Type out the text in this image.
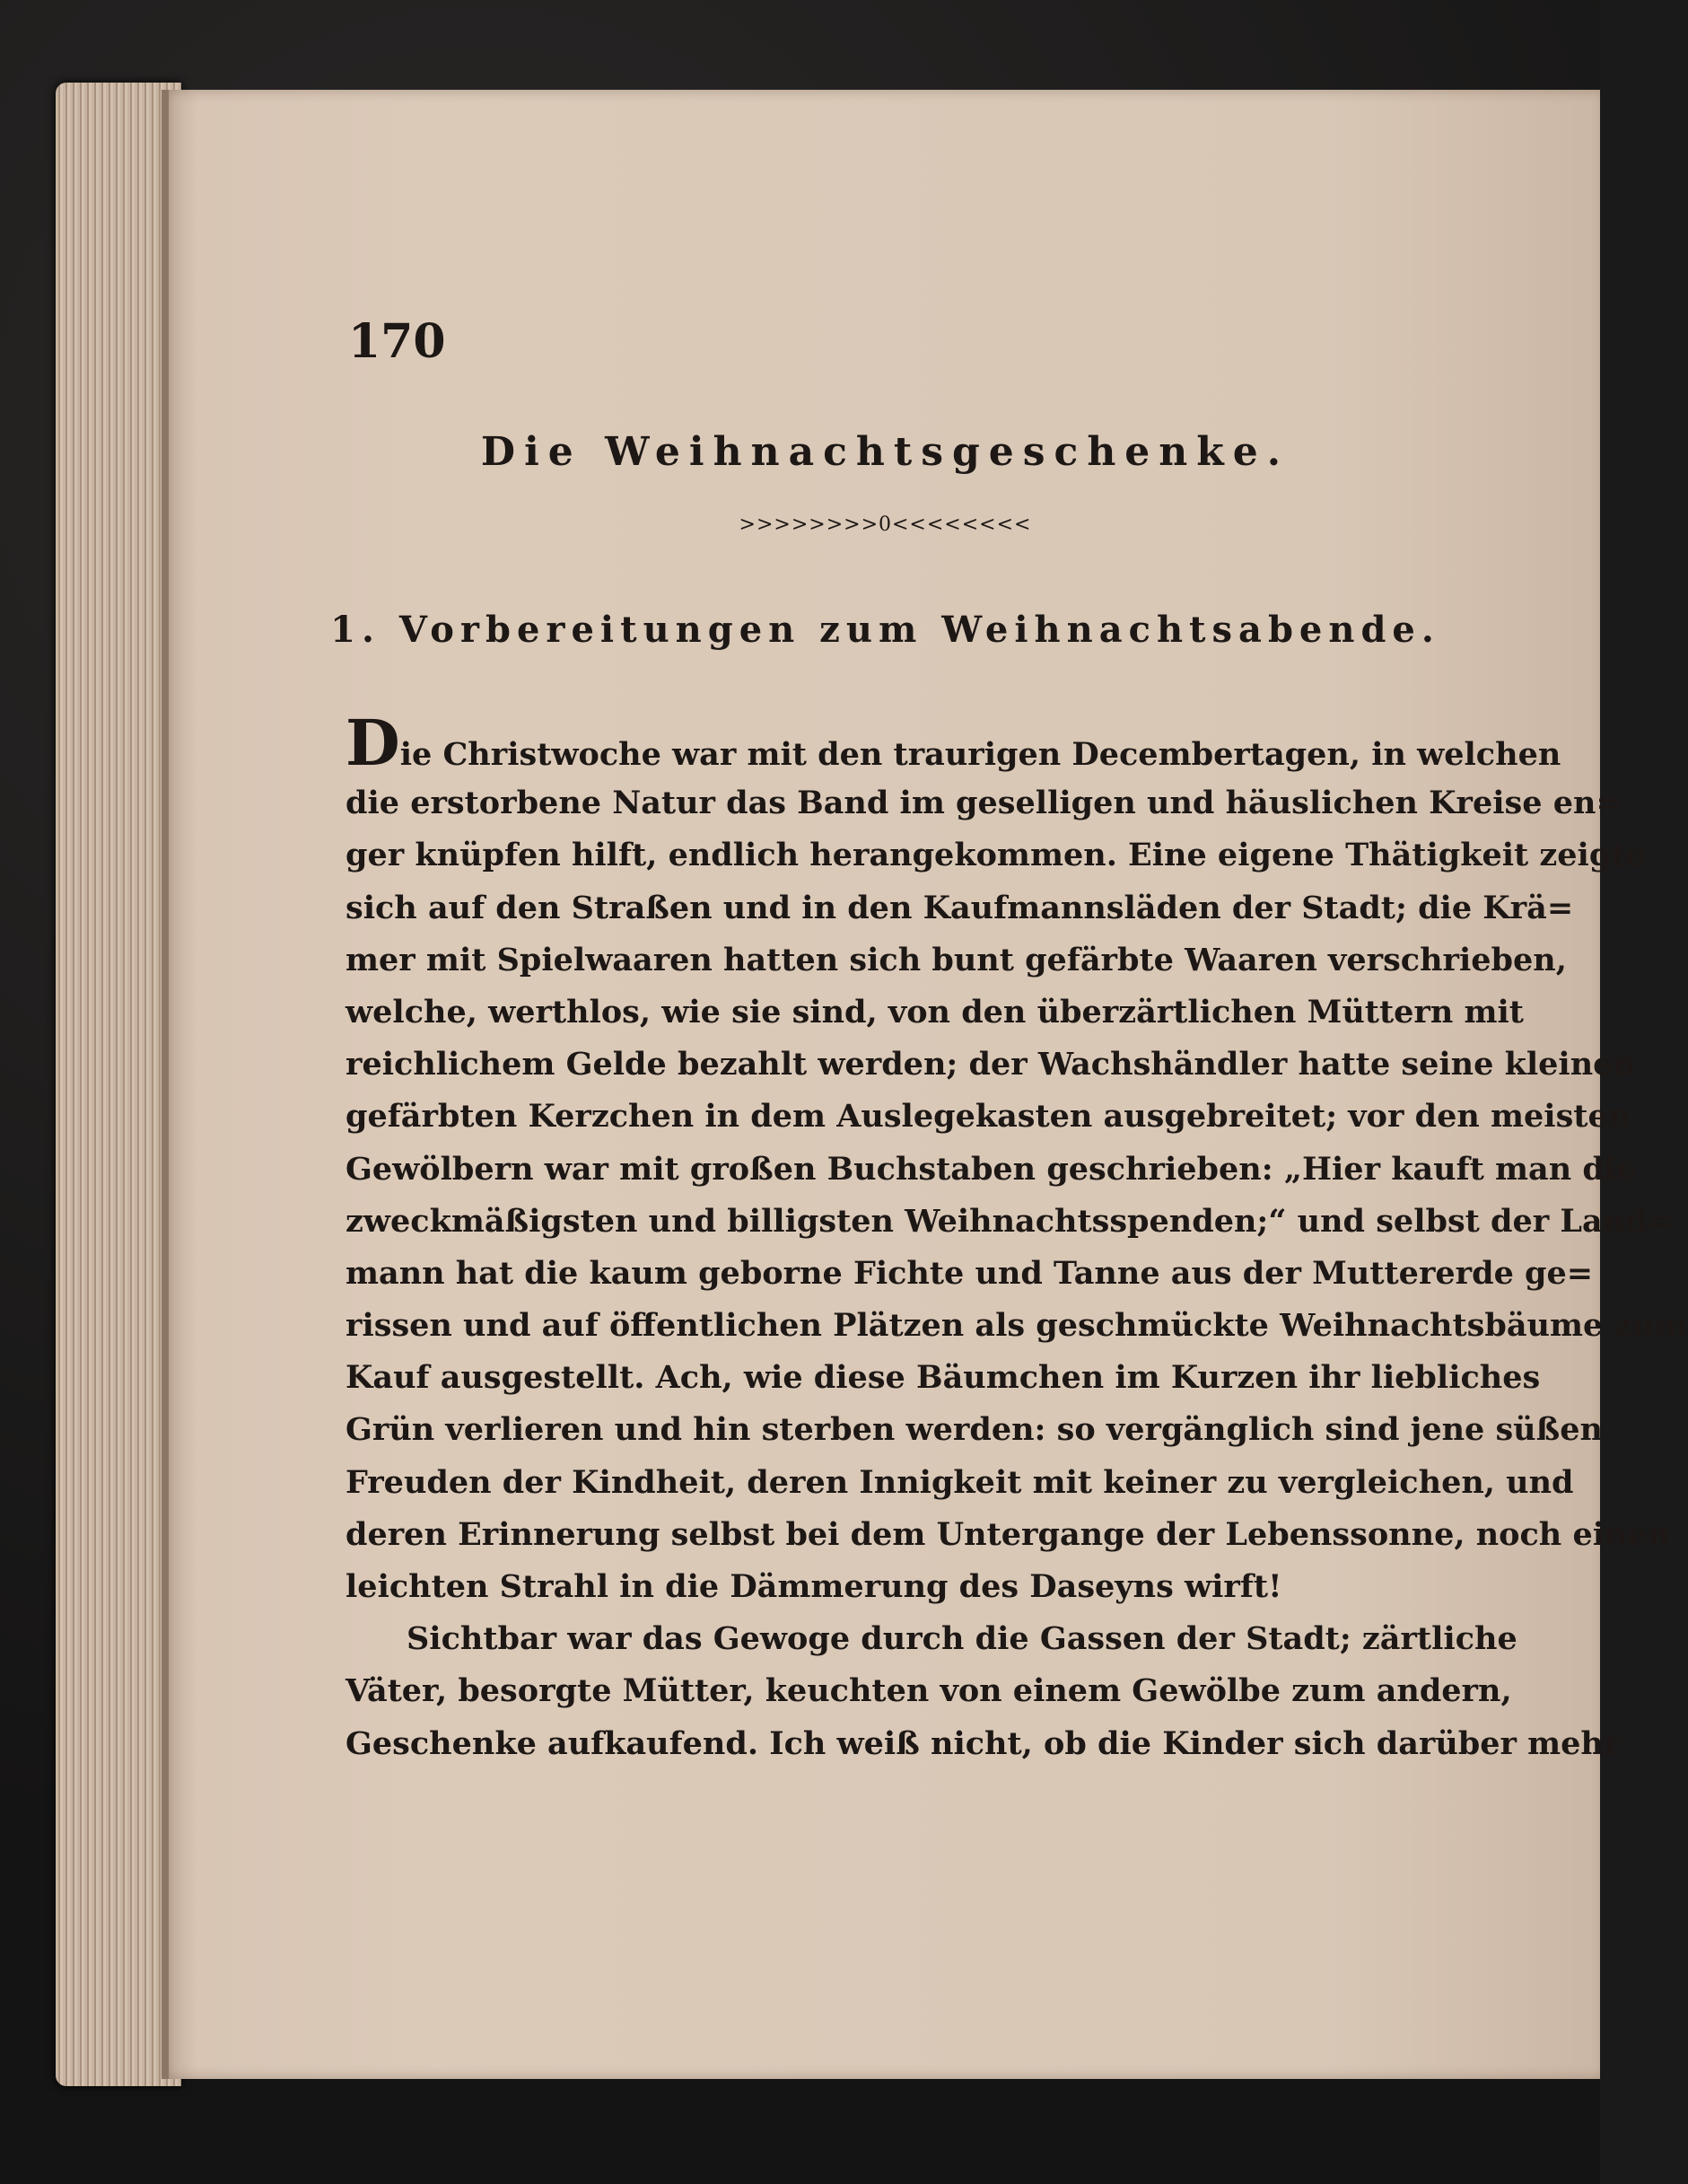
170
Die Weihnachtsgeschenke.
>>>>>>>>0<<<<<<<<
1. Vorbereitungen zum Weihnachtsabende.
Die Christwoche war mit den traurigen Decembertagen, in welchen
die erstorbene Natur das Band im geselligen und häuslichen Kreise en=
ger knüpfen hilft, endlich herangekommen. Eine eigene Thätigkeit zeigte
sich auf den Straßen und in den Kaufmannsläden der Stadt; die Krä=
mer mit Spielwaaren hatten sich bunt gefärbte Waaren verschrieben,
welche, werthlos, wie sie sind, von den überzärtlichen Müttern mit
reichlichem Gelde bezahlt werden; der Wachshändler hatte seine kleinen
gefärbten Kerzchen in dem Auslegekasten ausgebreitet; vor den meisten
Gewölbern war mit großen Buchstaben geschrieben: „Hier kauft man die
zweckmäßigsten und billigsten Weihnachtsspenden;“ und selbst der Land=
mann hat die kaum geborne Fichte und Tanne aus der Muttererde ge=
rissen und auf öffentlichen Plätzen als geschmückte Weihnachtsbäume zum
Kauf ausgestellt. Ach, wie diese Bäumchen im Kurzen ihr liebliches
Grün verlieren und hin sterben werden: so vergänglich sind jene süßen
Freuden der Kindheit, deren Innigkeit mit keiner zu vergleichen, und
deren Erinnerung selbst bei dem Untergange der Lebenssonne, noch einen
leichten Strahl in die Dämmerung des Daseyns wirft!
Sichtbar war das Gewoge durch die Gassen der Stadt; zärtliche
Väter, besorgte Mütter, keuchten von einem Gewölbe zum andern,
Geschenke aufkaufend. Ich weiß nicht, ob die Kinder sich darüber mehr
